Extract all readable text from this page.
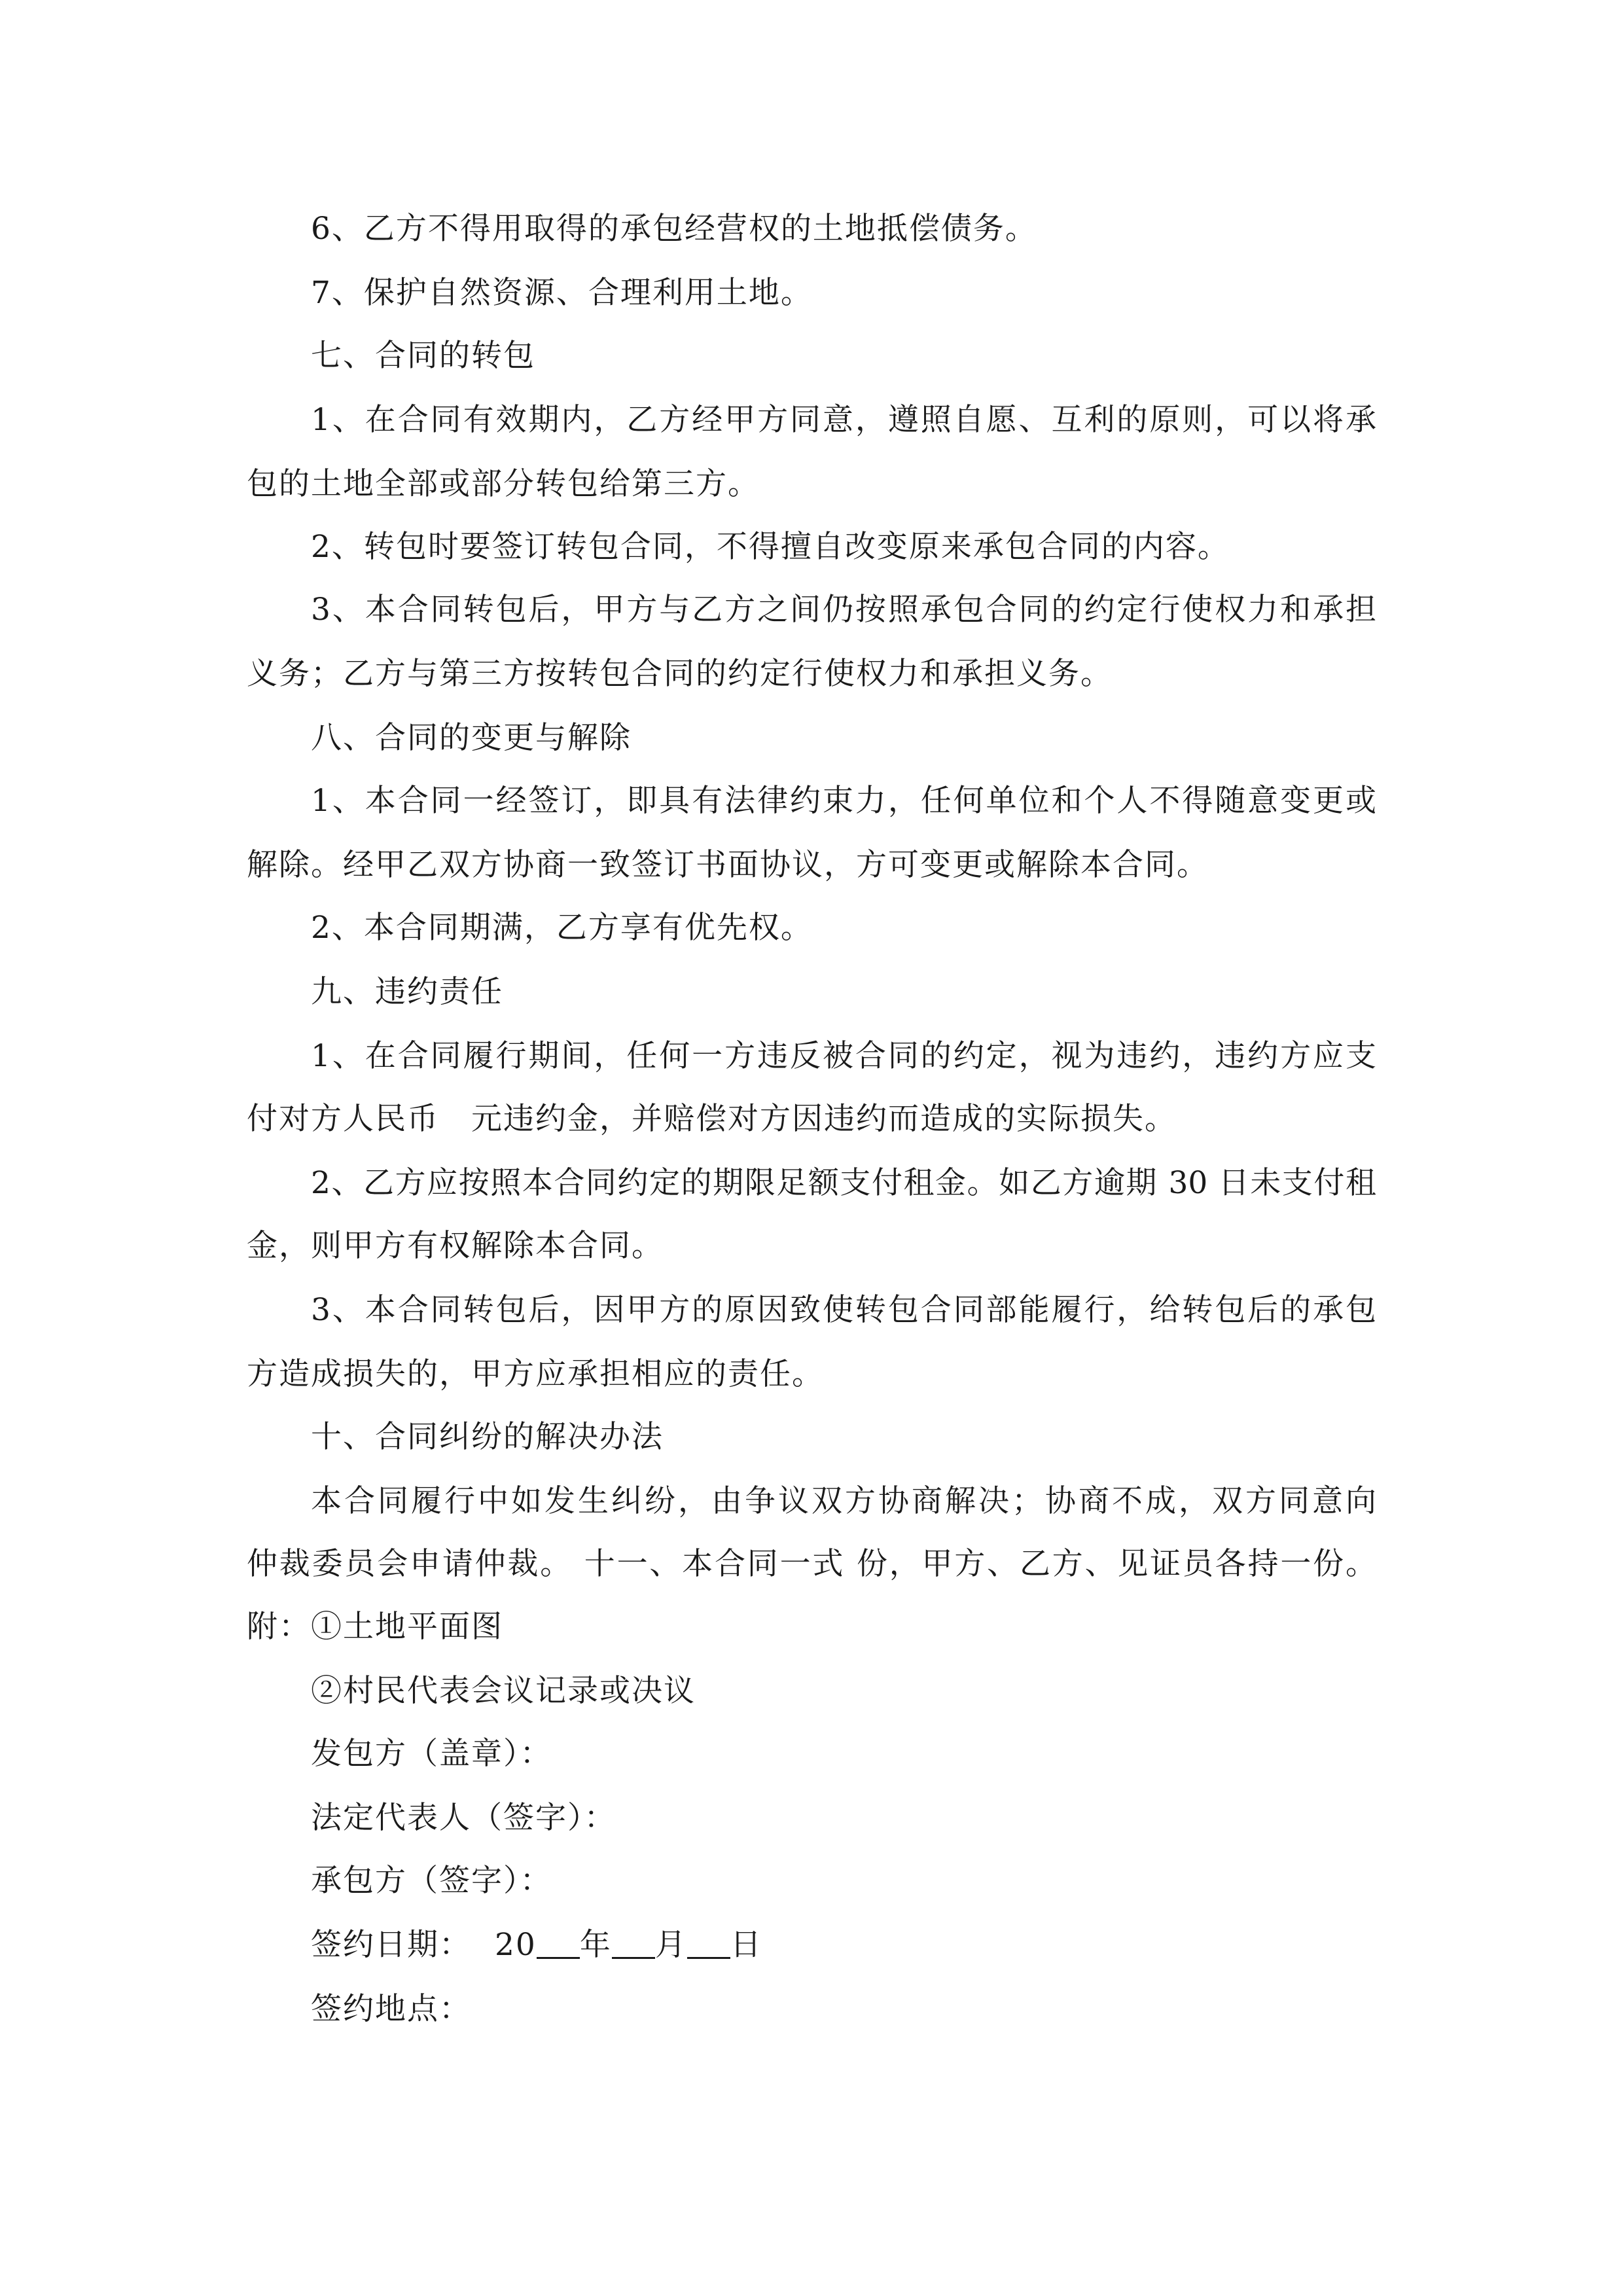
6、乙方不得用取得的承包经营权的土地抵偿债务。
7、保护自然资源、合理利用土地。
七、合同的转包
1、在合同有效期内，乙方经甲方同意，遵照自愿、互利的原则，可以将承
包的土地全部或部分转包给第三方。
2、转包时要签订转包合同，不得擅自改变原来承包合同的内容。
3、本合同转包后，甲方与乙方之间仍按照承包合同的约定行使权力和承担
义务；乙方与第三方按转包合同的约定行使权力和承担义务。
八、合同的变更与解除
1、本合同一经签订，即具有法律约束力，任何单位和个人不得随意变更或
解除。经甲乙双方协商一致签订书面协议，方可变更或解除本合同。
2、本合同期满，乙方享有优先权。
九、违约责任
1、在合同履行期间，任何一方违反被合同的约定，视为违约，违约方应支
付对方人民币　元违约金，并赔偿对方因违约而造成的实际损失。
2、乙方应按照本合同约定的期限足额支付租金。如乙方逾期 30 日未支付租
金，则甲方有权解除本合同。
3、本合同转包后，因甲方的原因致使转包合同部能履行，给转包后的承包
方造成损失的，甲方应承担相应的责任。
十、合同纠纷的解决办法
本合同履行中如发生纠纷，由争议双方协商解决；协商不成，双方同意向
仲裁委员会申请仲裁。 十一、本合同一式 份，甲方、乙方、见证员各持一份。
附：①土地平面图
②村民代表会议记录或决议
发包方（盖章）：
法定代表人（签字）：
承包方（签字）：
签约日期： 20 年 月 日
签约地点：
